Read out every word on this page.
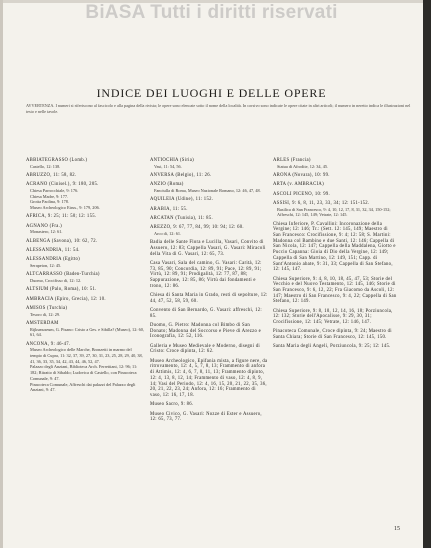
BiASA Tutti i diritti riservati
INDICE DEI LUOGHI E DELLE OPERE
AVVERTENZA. I numeri si riferiscono al fascicolo e alla pagina della rivista; le opere sono elencate sotto il nome della località. In corsivo sono indicate le opere citate in altri articoli; il numero in neretto indica le illustrazioni nel testo e nelle tavole.
ABBIATEGRASSO (Lomb.)
Castello, 12: 138.
ABRUZZO, 11: 58, 82.
ACRANO (Cinisel.), 9: 180, 205.
Chiesa Parrocchiale, 9: 176.
Chiesa Madre, 9: 177.
Grotta Paolina, 9: 178.
Museo Archeologico Etrus., 9: 179, 206.
AFRICA, 9: 25; 11: 50; 12: 155.
AGNANO (Fra.)
Monastero, 12: 61.
ALBENGA (Savona), 10: 62, 72.
ALESSANDRIA, 11: 54.
ALESSANDRIA (Egitto)
Serapeion, 12: 45.
ALTCARRASSO (Baden-Turchia)
Duomo, Crocifisso di, 12: 12.
ALTSIUM (Palo, Roma), 10: 51.
AMBRACIA (Epiro, Grecia), 12: 10.
AMISOS (Turchia)
Tesoro di, 12: 29.
AMSTERDAM
Rijksmuseum, G. Pisano: Cristo a Ges. e Sibilla? (Museo), 12: 60, 61, 64.
ANCONA, 9: 46-47.
Museo Archeologico delle Marche, Bronzetti in marmo del tempio di Cupra, 11: 32, 37, 39, 27, 30, 31, 23, 25, 28, 29, 40, 38, 41, 36, 33, 35, 34, 42, 43, 44, 46, 52, 47.
Palazzo degli Anziani, Biblioteca Arch. Ferrettiani, 12: 96; 11: 182; Ritratto di Sibaldo; Ludovica di Castello, con Pinacoteca Comunale, 9: 47.
Pinacoteca Comunale, Affreschi dai palazzi del Palazzo degli Anziani, 9: 47.
ANTIOCHIA (Siria)
Vasi, 11: 54, 56.
ANVERSA (Belgio), 11: 26.
ANZIO (Roma)
Fanciulla di Roma, Museo Nazionale Romano, 12: 46, 47, 48.
AQUILEIA (Udine), 11: 152.
ARABIA, 11: 55.
ARCATAN (Tunisia), 11: 85.
AREZZO, 9: 67, 77, 84, 99; 10: 94; 12: 60.
Arco di, 12: 61.
Badia delle Sante Flora e Lucilla, Vasari, Convito di Assuero, 12: 83; Cappella Vasari, G. Vasari: Miracoli della Vita di G. Vasari, 12: 65, 73.
Casa Vasari, Sala del camino, G. Vasari: Carità, 12: 73, 85, 90; Concordia, 12: 89, 91; Pace, 12: 89, 91; Virtù, 12: 89, 91; Prodigalità, 12: 77, 87, 88; Sappurazione, 12: 85, 86; Virtù dai fondamenti e trono, 12: 86.
Chiesa di Santa Maria in Grado, resti di sepolture, 12: 44, 47, 52, 58, 59, 60.
Convento di San Bernardo, G. Vasari: affreschi, 12: 85.
Duomo, G. Pietro: Madonna col Bimbo di San Donato; Madonna del Soccorso e Pieve di Arezzo e Iconografia, 12: 52, 116.
Galleria e Museo Medievale e Moderno, disegni di Cristo: Croce dipinta, 12: 62.
Museo Archeologico, Epifania mista, a figure nere, da ritrovamento, 12: 4, 5, 7, 8, 13; Frammento di anfora di Attimis, 12: 4, 6, 7, 8, 11, 13; Frammento dipinto, 12: 4, 13, 8, 12, 14; Frammento di vaso, 12: 4, 8, 9, 14; Vasi del Periodo, 12: 4, 16, 15, 20, 21, 22, 35, 36, 20, 21, 22, 23, 24; Anfora, 12: 16; Frammento di vaso, 12: 16, 17, 18.
Museo Sacro, 9: 86.
Museo Civico, G. Vasari: Nozze di Ester e Assuero, 12: 65, 73, 77.
ARLES (Francia)
Statua di Afrodite, 12: 34, 45.
ARONA (Novara), 10: 99.
ARTA (v. AMBRACIA)
ASCOLI PICENO, 10: 99.
ASSISI, 9: 6, 8, 11, 23, 33, 34; 12: 151-152.
Basilica di San Francesco, 9: 4, 10, 12, 17, 8, 31, 32, 34, 150-152; Affreschi, 12: 145, 149; Vetrate, 12: 145.
Chiesa Inferiore, P. Cavallini: Incoronazione della Vergine; 12: 146; Tr.: (Sett. 12: 145, 149; Maestro di San Francesco: Crocifissione, 9: 4; 12: 58; S. Martini: Madonna col Bambino e due Santi, 12: 146; Cappella di San Nicola, 12: 147; Cappella della Maddalena, Giotto e Puccio Capanna: Gioia di Dio della Vergine, 12: 149; Cappella di San Martino, 12: 149, 151; Capp. di Sant'Antonio abate, 9: 31, 33; Cappella di San Stefano, 12: 145, 147.
Chiesa Superiore, 9: 4, 8, 10, 18, 45, 47, 53; Storie del Vecchio e del Nuovo Testamento, 12: 145, 146; Storie di San Francesco, 9: 6, 12, 22; Fra Giacomo da Ascoli, 12: 147; Maestro di San Francesco, 9: 4, 22; Cappella di San Stefano, 12: 149.
Chiesa Superiore, 9: 8, 10, 12, 14, 16, 18; Porziuncola, 12: 132; Storie dell'Apocalisse, 9: 29, 30, 31; Crocifissione, 12: 145; Vetrate, 12: 146, 147.
Pinacoteca Comunale, Croce dipinta, 9: 24; Maestro di Santa Chiara; Storie di San Francesco, 12: 145, 150.
Santa Maria degli Angeli, Porziuncola, 9: 25; 12: 145.
15
